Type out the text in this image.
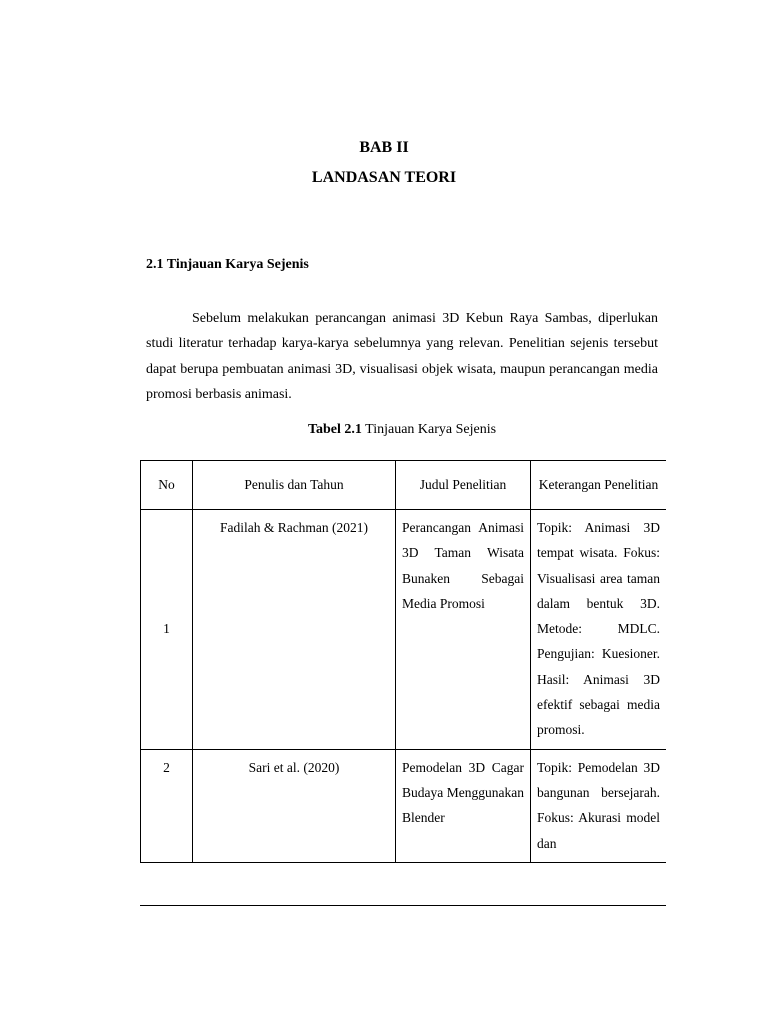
BAB II
LANDASAN TEORI
2.1 Tinjauan Karya Sejenis

Sebelum melakukan perancangan animasi 3D Kebun Raya Sambas, diperlukan studi literatur terhadap karya-karya sebelumnya yang relevan. Penelitian sejenis tersebut dapat berupa pembuatan animasi 3D, visualisasi objek wisata, maupun perancangan media promosi berbasis animasi.

Tabel 2.1 Tinjauan Karya Sejenis

No	Penulis dan Tahun	Judul Penelitian	Keterangan Penelitian
1	Fadilah & Rachman (2021)	Perancangan Animasi 3D Taman Wisata Bunaken Sebagai Media Promosi	Topik: Animasi 3D tempat wisata. Fokus: Visualisasi area taman dalam bentuk 3D. Metode: MDLC. Pengujian: Kuesioner. Hasil: Animasi 3D efektif sebagai media promosi.
2	Sari et al. (2020)	Pemodelan 3D Cagar Budaya Menggunakan Blender	Topik: Pemodelan 3D bangunan bersejarah. Fokus: Akurasi model dan
